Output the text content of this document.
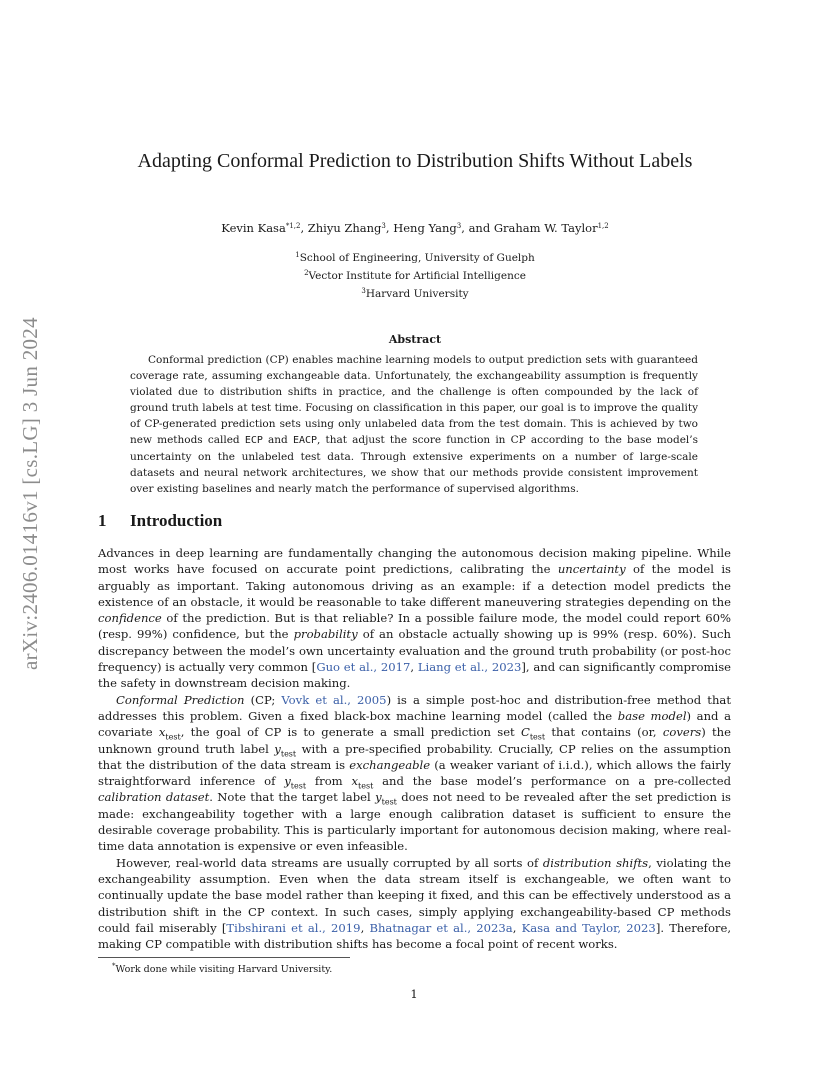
arXiv:2406.01416v1 [cs.LG] 3 Jun 2024
Adapting Conformal Prediction to Distribution Shifts Without Labels
Kevin Kasa$^{*1,2}$, Zhiyu Zhang$^3$, Heng Yang$^3$, and Graham W. Taylor$^{1,2}$
$^1$School of Engineering, University of Guelph
$^2$Vector Institute for Artificial Intelligence
$^3$Harvard University
Abstract

Conformal prediction (CP) enables machine learning models to output prediction sets with guaranteed coverage rate, assuming exchangeable data. Unfortunately, the exchangeability assumption is frequently violated due to distribution shifts in practice, and the challenge is often compounded by the lack of ground truth labels at test time. Focusing on classification in this paper, our goal is to improve the quality of CP-generated prediction sets using only unlabeled data from the test domain. This is achieved by two new methods called ECP and EACP, that adjust the score function in CP according to the base model’s uncertainty on the unlabeled test data. Through extensive experiments on a number of large-scale datasets and neural network architectures, we show that our methods provide consistent improvement over existing baselines and nearly match the performance of supervised algorithms.

1 Introduction

Advances in deep learning are fundamentally changing the autonomous decision making pipeline. While most works have focused on accurate point predictions, calibrating the uncertainty of the model is arguably as important. Taking autonomous driving as an example: if a detection model predicts the existence of an obstacle, it would be reasonable to take different maneuvering strategies depending on the confidence of the prediction. But is that reliable? In a possible failure mode, the model could report 60% (resp. 99%) confidence, but the probability of an obstacle actually showing up is 99% (resp. 60%). Such discrepancy between the model’s own uncertainty evaluation and the ground truth probability (or post-hoc frequency) is actually very common [Guo et al., 2017, Liang et al., 2023], and can significantly compromise the safety in downstream decision making.

Conformal Prediction (CP; Vovk et al., 2005) is a simple post-hoc and distribution-free method that addresses this problem. Given a fixed black-box machine learning model (called the base model) and a covariate $x_{test}$, the goal of CP is to generate a small prediction set $C_{test}$ that contains (or, covers) the unknown ground truth label $y_{test}$ with a pre-specified probability. Crucially, CP relies on the assumption that the distribution of the data stream is exchangeable (a weaker variant of i.i.d.), which allows the fairly straightforward inference of $y_{test}$ from $x_{test}$ and the base model’s performance on a pre-collected calibration dataset. Note that the target label $y_{test}$ does not need to be revealed after the set prediction is made: exchangeability together with a large enough calibration dataset is sufficient to ensure the desirable coverage probability. This is particularly important for autonomous decision making, where real-time data annotation is expensive or even infeasible.

However, real-world data streams are usually corrupted by all sorts of distribution shifts, violating the exchangeability assumption. Even when the data stream itself is exchangeable, we often want to continually update the base model rather than keeping it fixed, and this can be effectively understood as a distribution shift in the CP context. In such cases, simply applying exchangeability-based CP methods could fail miserably [Tibshirani et al., 2019, Bhatnagar et al., 2023a, Kasa and Taylor, 2023]. Therefore, making CP compatible with distribution shifts has become a focal point of recent works.

*Work done while visiting Harvard University.
1
